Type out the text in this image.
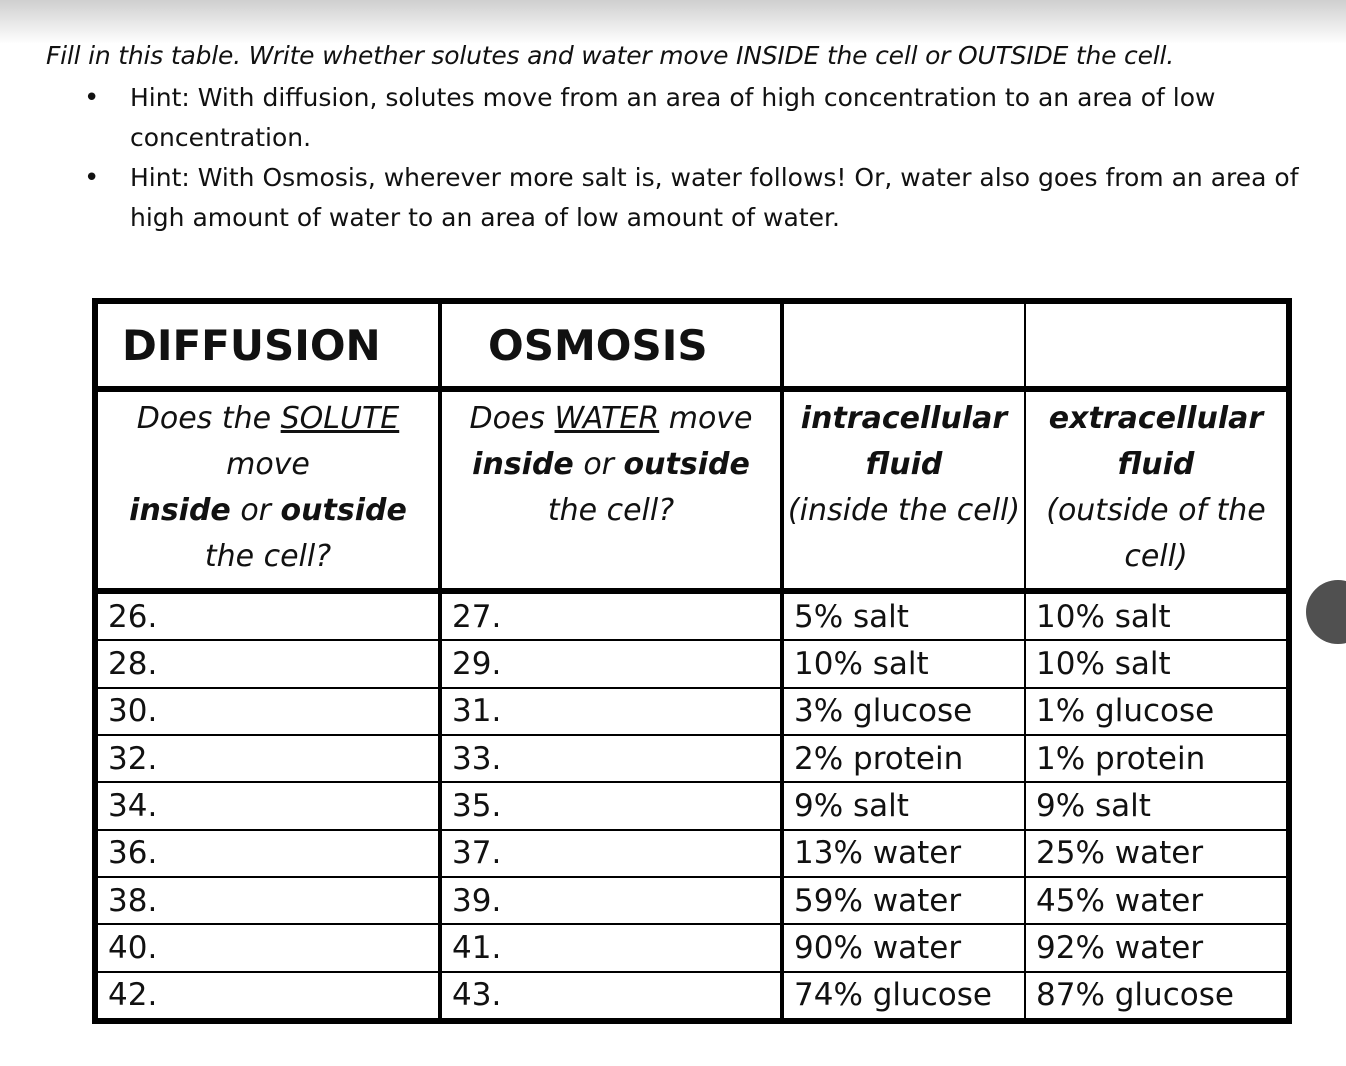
Fill in this table. Write whether solutes and water move INSIDE the cell or OUTSIDE the cell.
• Hint: With diffusion, solutes move from an area of high concentration to an area of low concentration.
• Hint: With Osmosis, wherever more salt is, water follows! Or, water also goes from an area of high amount of water to an area of low amount of water.
DIFFUSION	OSMOSIS		
Does the SOLUTE
move
inside or outside
the cell?	Does WATER move
inside or outside
the cell?	intracellular fluid
(inside the cell)	extracellular fluid
(outside of the cell)
26.	27.	5% salt	10% salt
28.	29.	10% salt	10% salt
30.	31.	3% glucose	1% glucose
32.	33.	2% protein	1% protein
34.	35.	9% salt	9% salt
36.	37.	13% water	25% water
38.	39.	59% water	45% water
40.	41.	90% water	92% water
42.	43.	74% glucose	87% glucose
